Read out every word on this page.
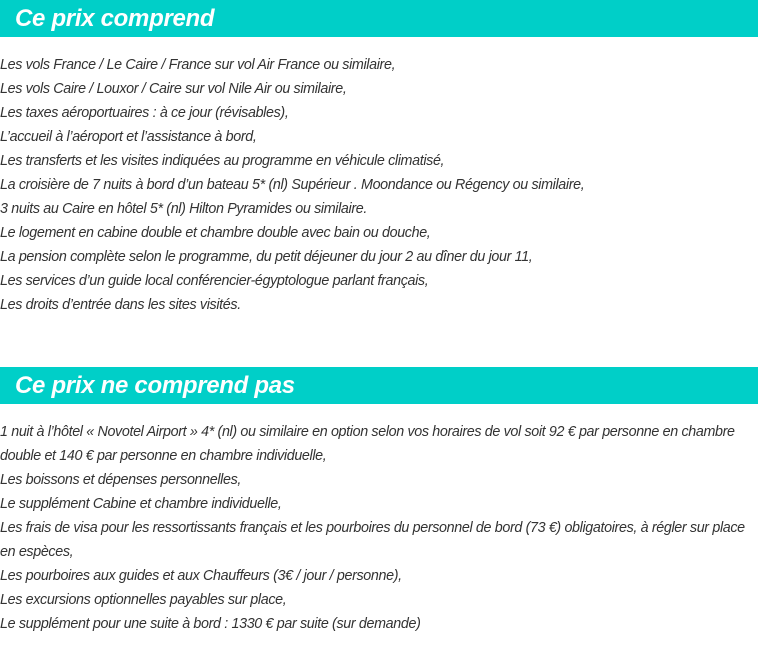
Ce prix comprend
Les vols France / Le Caire / France sur vol Air France ou similaire,
Les vols Caire / Louxor / Caire sur vol Nile Air ou similaire,
Les taxes aéroportuaires : à ce jour (révisables),
L’accueil à l’aéroport et l’assistance à bord,
Les transferts et les visites indiquées au programme en véhicule climatisé,
La croisière de 7 nuits à bord d’un bateau 5* (nl) Supérieur . Moondance ou Régency ou similaire,
3 nuits au Caire en hôtel 5* (nl) Hilton Pyramides ou similaire.
Le logement en cabine double et chambre double avec bain ou douche,
La pension complète selon le programme, du petit déjeuner du jour 2 au dîner du jour 11,
Les services d’un guide local conférencier-égyptologue parlant français,
Les droits d’entrée dans les sites visités.
Ce prix ne comprend pas
1 nuit à l’hôtel « Novotel Airport » 4* (nl) ou similaire en option selon vos horaires de vol soit 92 € par personne en chambre double et 140 € par personne en chambre individuelle,
Les boissons et dépenses personnelles,
Le supplément Cabine et chambre individuelle,
Les frais de visa pour les ressortissants français et les pourboires du personnel de bord (73 €) obligatoires, à régler sur place en espèces,
Les pourboires aux guides et aux Chauffeurs (3€ / jour / personne),
Les excursions optionnelles payables sur place,
Le supplément pour une suite à bord : 1330 € par suite (sur demande)
